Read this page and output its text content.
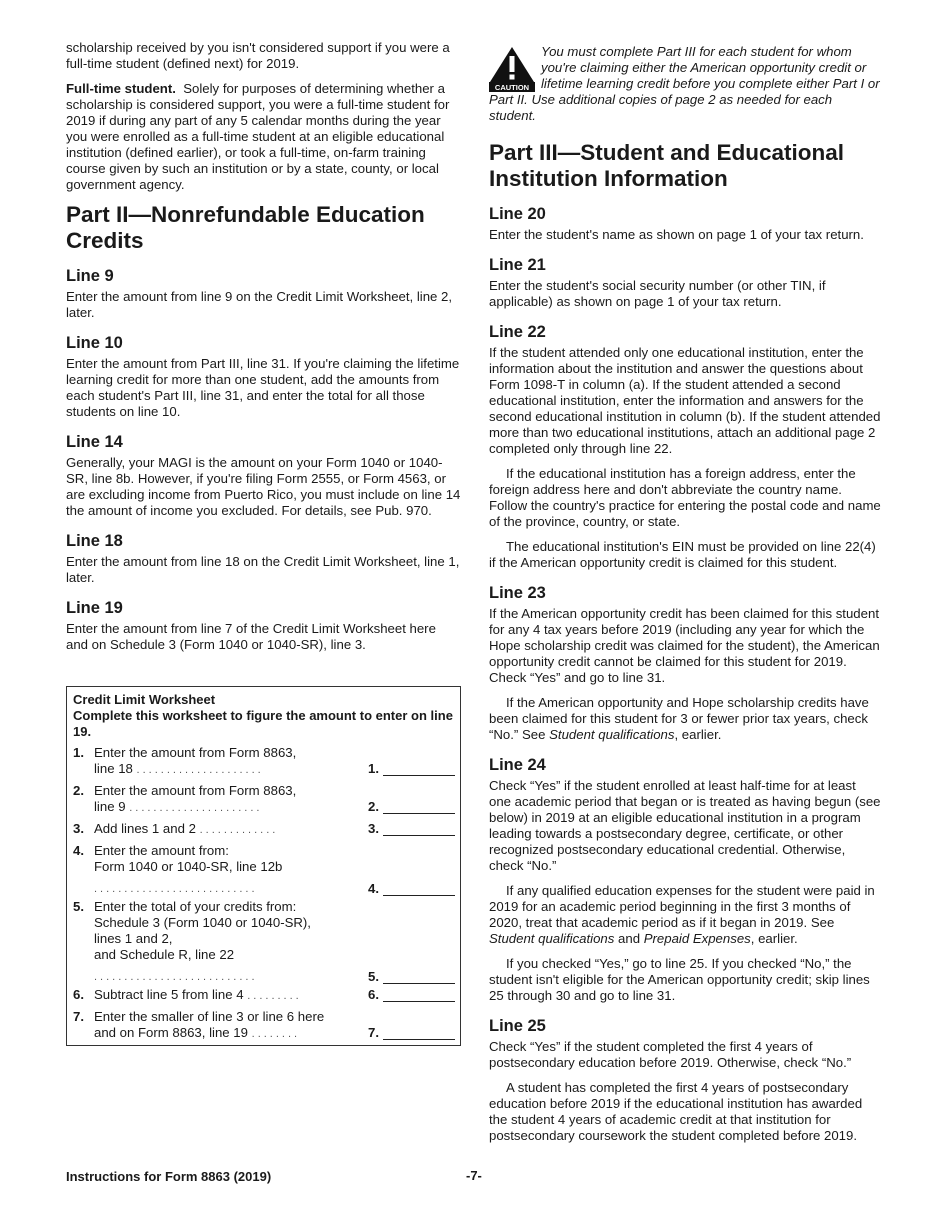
scholarship received by you isn't considered support if you were a full-time student (defined next) for 2019.

Full-time student. Solely for purposes of determining whether a scholarship is considered support, you were a full-time student for 2019 if during any part of any 5 calendar months during the year you were enrolled as a full-time student at an eligible educational institution (defined earlier), or took a full-time, on-farm training course given by such an institution or by a state, county, or local government agency.

Part II—Nonrefundable Education Credits
Line 9

Enter the amount from line 9 on the Credit Limit Worksheet, line 2, later.

Line 10

Enter the amount from Part III, line 31. If you're claiming the lifetime learning credit for more than one student, add the amounts from each student's Part III, line 31, and enter the total for all those students on line 10.

Line 14

Generally, your MAGI is the amount on your Form 1040 or 1040-SR, line 8b. However, if you're filing Form 2555, or Form 4563, or are excluding income from Puerto Rico, you must include on line 14 the amount of income you excluded. For details, see Pub. 970.

Line 18

Enter the amount from line 18 on the Credit Limit Worksheet, line 1, later.

Line 19

Enter the amount from line 7 of the Credit Limit Worksheet here and on Schedule 3 (Form 1040 or 1040-SR), line 3.

Credit Limit Worksheet
Complete this worksheet to figure the amount to enter on line 19.
1. Enter the amount from Form 8863,
line 18 .....................	1.
2. Enter the amount from Form 8863,
line 9 ......................	2.
3. Add lines 1 and 2 .............	3.
4. Enter the amount from:
Form 1040 or 1040-SR, line 12b
...........................	4.
5. Enter the total of your credits from:
Schedule 3 (Form 1040 or 1040-SR),
lines 1 and 2,
and Schedule R, line 22
...........................	5.
6. Subtract line 5 from line 4 .........	6.
7. Enter the smaller of line 3 or line 6 here
and on Form 8863, line 19 ........	7.
CAUTION

You must complete Part III for each student for whom you're claiming either the American opportunity credit or lifetime learning credit before you complete either Part I or Part II. Use additional copies of page 2 as needed for each student.

Part III—Student and Educational Institution Information
Line 20

Enter the student's name as shown on page 1 of your tax return.

Line 21

Enter the student's social security number (or other TIN, if applicable) as shown on page 1 of your tax return.

Line 22

If the student attended only one educational institution, enter the information about the institution and answer the questions about Form 1098-T in column (a). If the student attended a second educational institution, enter the information and answers for the second educational institution in column (b). If the student attended more than two educational institutions, attach an additional page 2 completed only through line 22.

If the educational institution has a foreign address, enter the foreign address here and don't abbreviate the country name. Follow the country's practice for entering the postal code and name of the province, country, or state.

The educational institution's EIN must be provided on line 22(4) if the American opportunity credit is claimed for this student.

Line 23

If the American opportunity credit has been claimed for this student for any 4 tax years before 2019 (including any year for which the Hope scholarship credit was claimed for the student), the American opportunity credit cannot be claimed for this student for 2019. Check “Yes” and go to line 31.

If the American opportunity and Hope scholarship credits have been claimed for this student for 3 or fewer prior tax years, check “No.” See Student qualifications, earlier.

Line 24

Check “Yes” if the student enrolled at least half-time for at least one academic period that began or is treated as having begun (see below) in 2019 at an eligible educational institution in a program leading towards a postsecondary degree, certificate, or other recognized postsecondary educational credential. Otherwise, check “No.”

If any qualified education expenses for the student were paid in 2019 for an academic period beginning in the first 3 months of 2020, treat that academic period as if it began in 2019. See Student qualifications and Prepaid Expenses, earlier.

If you checked “Yes,” go to line 25. If you checked “No,” the student isn't eligible for the American opportunity credit; skip lines 25 through 30 and go to line 31.

Line 25

Check “Yes” if the student completed the first 4 years of postsecondary education before 2019. Otherwise, check “No.”

A student has completed the first 4 years of postsecondary education before 2019 if the educational institution has awarded the student 4 years of academic credit at that institution for postsecondary coursework the student completed before 2019.

Instructions for Form 8863 (2019)	-7-
